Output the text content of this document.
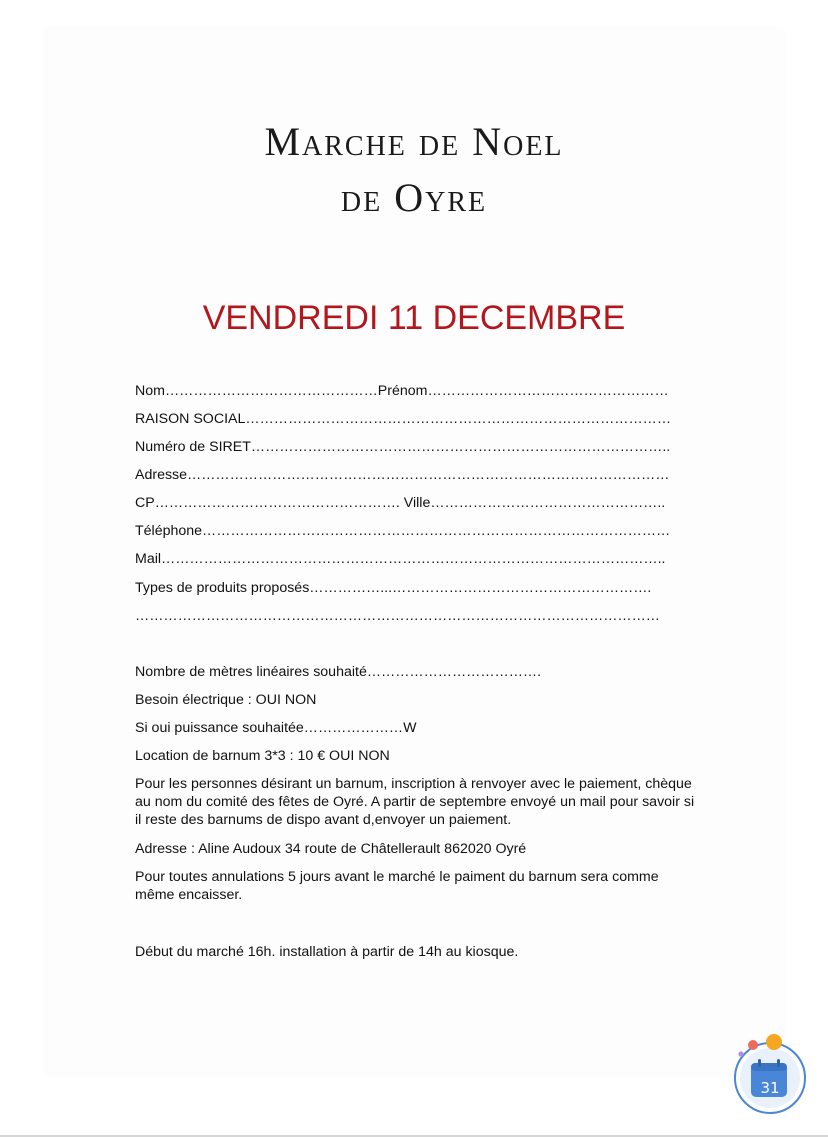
Marche de Noel
de Oyre
VENDREDI 11 DECEMBRE
Nom………………………………………Prénom……………………………………………
RAISON SOCIAL………………………………………………………………………………
Numéro de SIRET……………………………………………………………………………..
Adresse…………………………………………………………………………………………
CP……………………………………………. Ville…………………………………………..
Téléphone………………………………………………………………………………………
Mail……………………………………………………………………………………………..
Types de produits proposés……………...……………………………………………….
…………………………………………………………………………………………………
Nombre de mètres linéaires souhaité……………………………….
Besoin électrique : OUI NON
Si oui puissance souhaitée…………………W
Location de barnum 3*3 : 10 € OUI NON
Pour les personnes désirant un barnum, inscription à renvoyer avec le paiement, chèque au nom du comité des fêtes de Oyré. A partir de septembre envoyé un mail pour savoir si il reste des barnums de dispo avant d,envoyer un paiement.
Adresse : Aline Audoux 34 route de Châtellerault 862020 Oyré
Pour toutes annulations 5 jours avant le marché le paiment du barnum sera comme même encaisser.
Début du marché 16h. installation à partir de 14h au kiosque.
31
